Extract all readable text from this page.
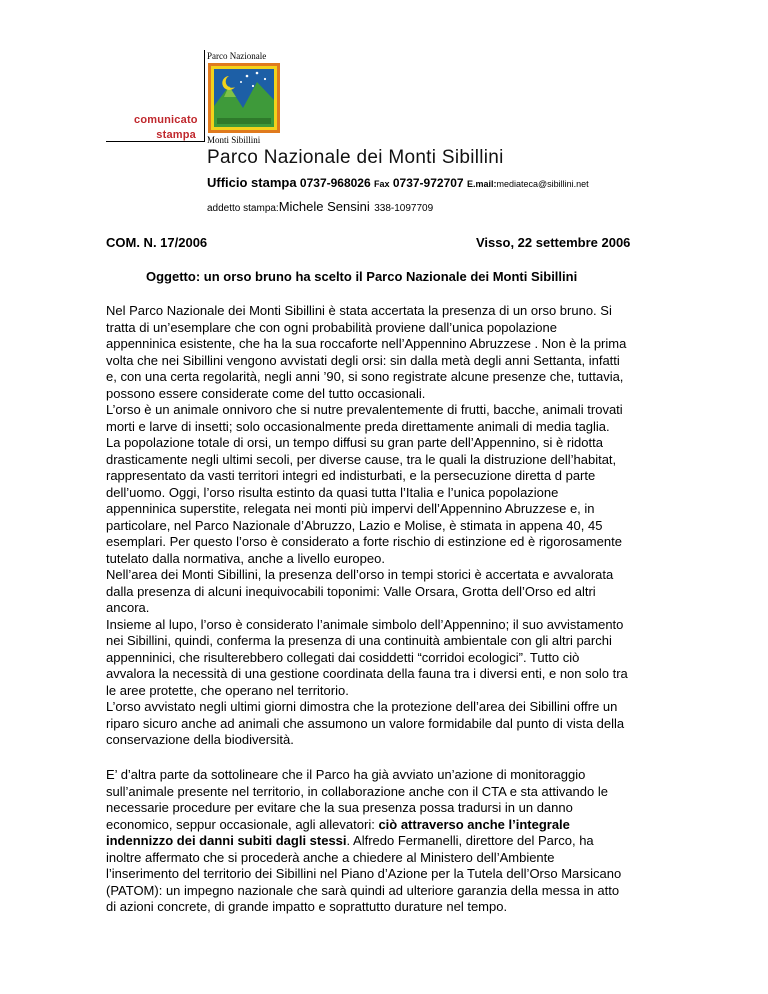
comunicato
stampa
Parco Nazionale
Monti Sibillini
Parco Nazionale dei Monti Sibillini
Ufficio stampa 0737-968026 Fax 0737-972707 E.mail:mediateca@sibillini.net
addetto stampa:Michele Sensini 338-1097709
COM. N. 17/2006	Visso, 22 settembre 2006
Oggetto: un orso bruno ha scelto il Parco Nazionale dei Monti Sibillini
Nel Parco Nazionale dei Monti Sibillini è stata accertata la presenza di un orso bruno. Si
tratta di un’esemplare che con ogni probabilità proviene dall’unica popolazione
appenninica esistente, che ha la sua roccaforte nell’Appennino Abruzzese . Non è la prima
volta che nei Sibillini vengono avvistati degli orsi: sin dalla metà degli anni Settanta, infatti
e, con una certa regolarità, negli anni ’90, si sono registrate alcune presenze che, tuttavia,
possono essere considerate come del tutto occasionali.
L’orso è un animale onnivoro che si nutre prevalentemente di frutti, bacche, animali trovati
morti e larve di insetti; solo occasionalmente preda direttamente animali di media taglia.
La popolazione totale di orsi, un tempo diffusi su gran parte dell’Appennino, si è ridotta
drasticamente negli ultimi secoli, per diverse cause, tra le quali la distruzione dell’habitat,
rappresentato da vasti territori integri ed indisturbati, e la persecuzione diretta d parte
dell’uomo. Oggi, l’orso risulta estinto da quasi tutta l’Italia e l’unica popolazione
appenninica superstite, relegata nei monti più impervi dell’Appennino Abruzzese e, in
particolare, nel Parco Nazionale d’Abruzzo, Lazio e Molise, è stimata in appena 40, 45
esemplari. Per questo l’orso è considerato a forte rischio di estinzione ed è rigorosamente
tutelato dalla normativa, anche a livello europeo.
Nell’area dei Monti Sibillini, la presenza dell’orso in tempi storici è accertata e avvalorata
dalla presenza di alcuni inequivocabili toponimi: Valle Orsara, Grotta dell’Orso ed altri
ancora.
Insieme al lupo, l’orso è considerato l’animale simbolo dell’Appennino; il suo avvistamento
nei Sibillini, quindi, conferma la presenza di una continuità ambientale con gli altri parchi
appenninici, che risulterebbero collegati dai cosiddetti “corridoi ecologici”. Tutto ciò
avvalora la necessità di una gestione coordinata della fauna tra i diversi enti, e non solo tra
le aree protette, che operano nel territorio.
L’orso avvistato negli ultimi giorni dimostra che la protezione dell’area dei Sibillini offre un
riparo sicuro anche ad animali che assumono un valore formidabile dal punto di vista della
conservazione della biodiversità.
E’ d’altra parte da sottolineare che il Parco ha già avviato un’azione di monitoraggio
sull’animale presente nel territorio, in collaborazione anche con il CTA e sta attivando le
necessarie procedure per evitare che la sua presenza possa tradursi in un danno
economico, seppur occasionale, agli allevatori: ciò attraverso anche l’integrale
indennizzo dei danni subiti dagli stessi. Alfredo Fermanelli, direttore del Parco, ha
inoltre affermato che si procederà anche a chiedere al Ministero dell’Ambiente
l’inserimento del territorio dei Sibillini nel Piano d’Azione per la Tutela dell’Orso Marsicano
(PATOM): un impegno nazionale che sarà quindi ad ulteriore garanzia della messa in atto
di azioni concrete, di grande impatto e soprattutto durature nel tempo.
